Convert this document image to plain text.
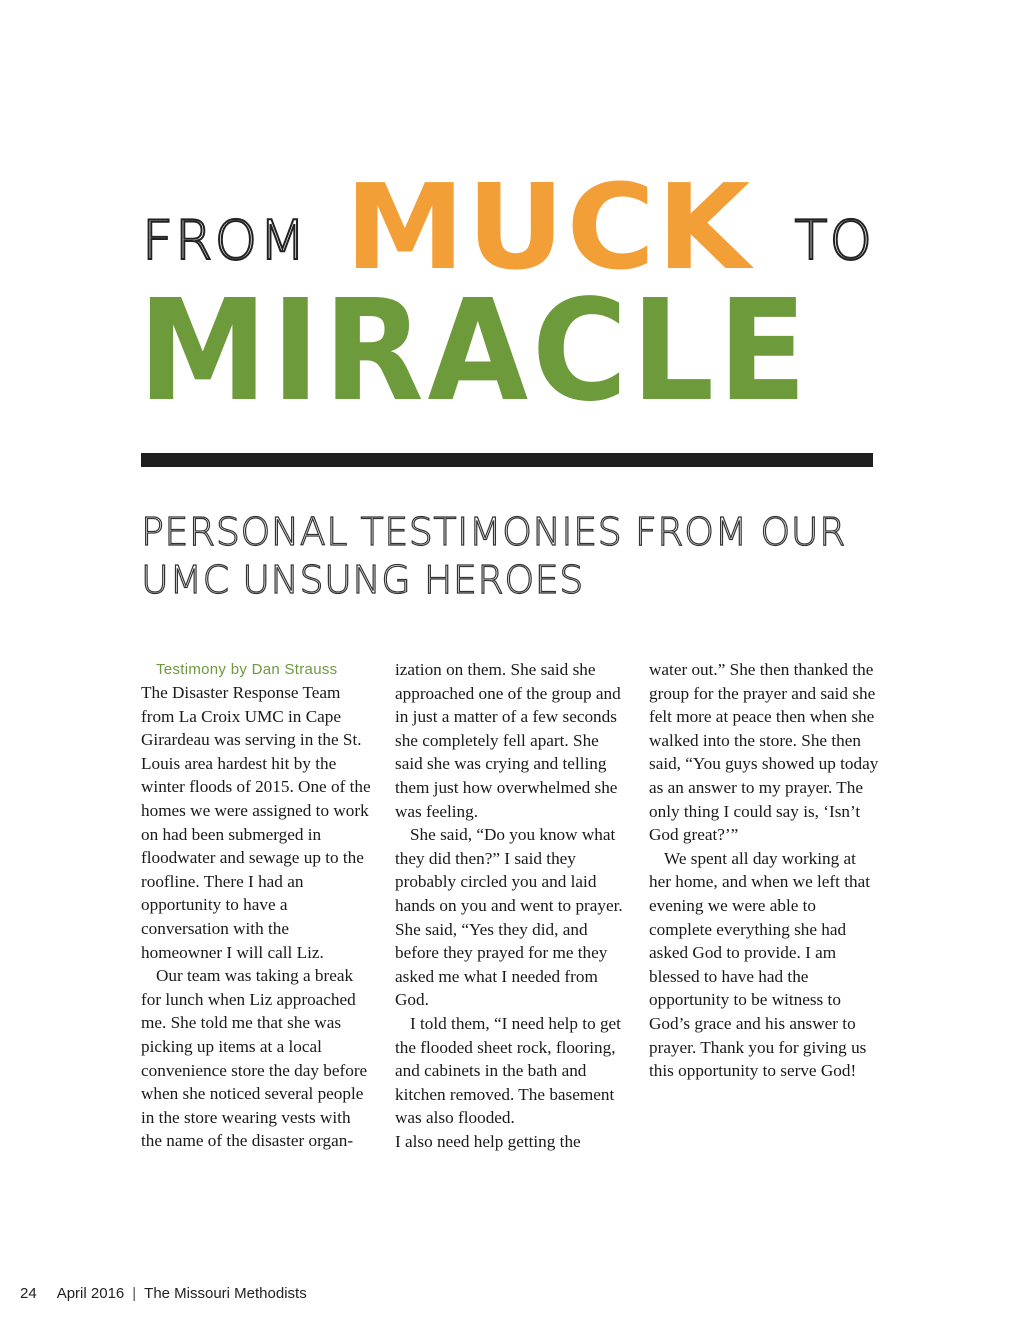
FROM MUCK TO
MIRACLE
PERSONAL TESTIMONIES FROM OUR
UMC UNSUNG HEROES

Testimony by Dan Strauss

The Disaster Response Team from La Croix UMC in Cape Girardeau was serving in the St. Louis area hardest hit by the winter floods of 2015. One of the homes we were assigned to work on had been submerged in floodwater and sewage up to the roofline. There I had an opportunity to have a conversation with the homeowner I will call Liz.

Our team was taking a break for lunch when Liz approached me. She told me that she was picking up items at a local convenience store the day before when she noticed several people in the store wearing vests with the name of the disaster organ-

ization on them. She said she approached one of the group and in just a matter of a few seconds she completely fell apart. She said she was crying and telling them just how overwhelmed she was feeling.

She said, “Do you know what they did then?” I said they probably circled you and laid hands on you and went to prayer. She said, “Yes they did, and before they prayed for me they asked me what I needed from God.

I told them, “I need help to get the flooded sheet rock, flooring, and cabinets in the bath and kitchen removed. The basement was also flooded.

I also need help getting the

water out.” She then thanked the group for the prayer and said she felt more at peace then when she walked into the store. She then said, “You guys showed up today as an answer to my prayer. The only thing I could say is, ‘Isn’t God great?’”

We spent all day working at her home, and when we left that evening we were able to complete everything she had asked God to provide. I am blessed to have had the opportunity to be witness to God’s grace and his answer to prayer. Thank you for giving us this opportunity to serve God!

24 April 2016 | The Missouri Methodists
